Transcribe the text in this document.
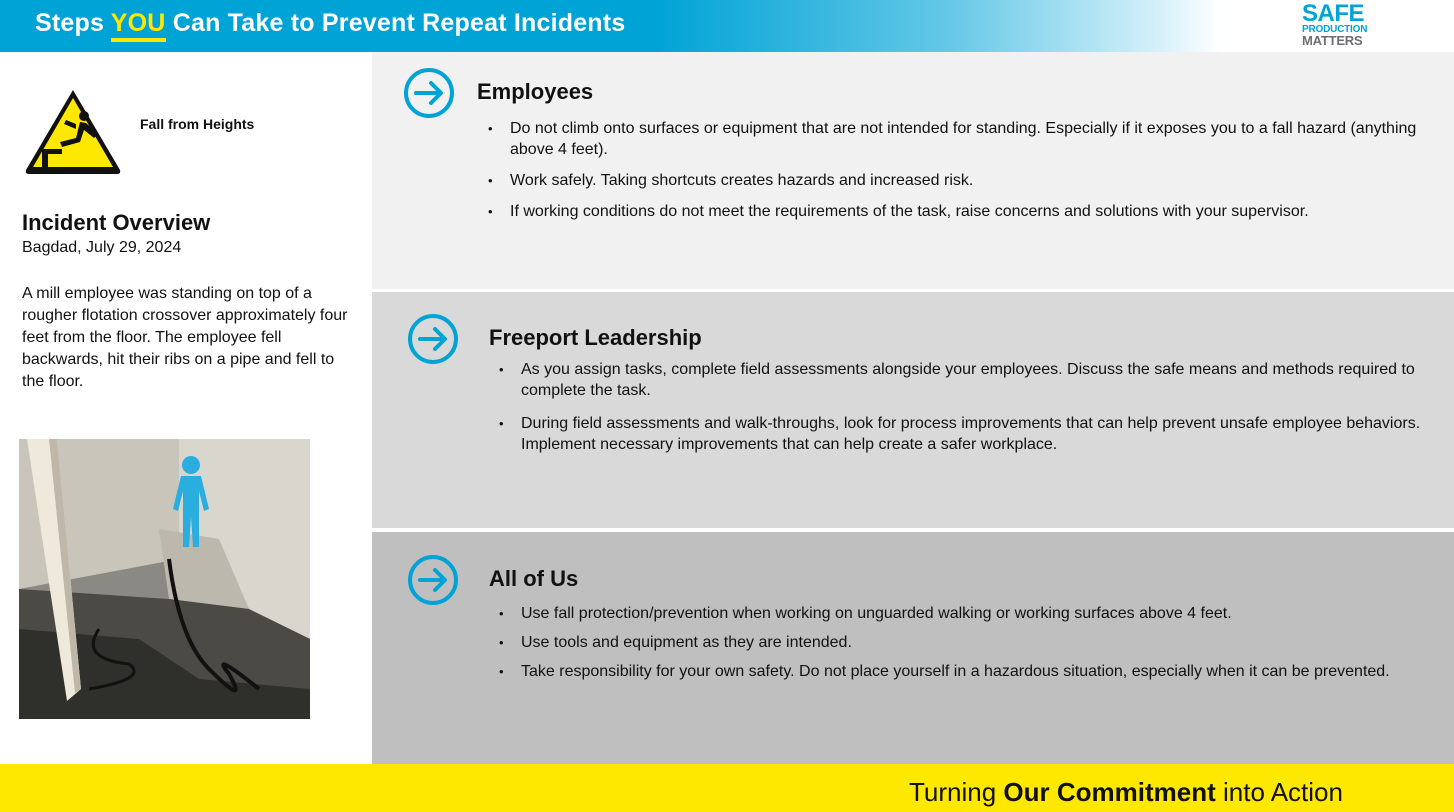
Steps YOU Can Take to Prevent Repeat Incidents	SAFE
PRODUCTION
MATTERS
Fall from Heights
Incident Overview
Bagdad, July 29, 2024
A mill employee was standing on top of a rougher flotation crossover approximately four feet from the floor. The employee fell backwards, hit their ribs on a pipe and fell to the floor.
Employees
• Do not climb onto surfaces or equipment that are not intended for standing. Especially if it exposes you to a fall hazard (anything above 4 feet).
• Work safely. Taking shortcuts creates hazards and increased risk.
• If working conditions do not meet the requirements of the task, raise concerns and solutions with your supervisor.
Freeport Leadership
• As you assign tasks, complete field assessments alongside your employees. Discuss the safe means and methods required to complete the task.
• During field assessments and walk-throughs, look for process improvements that can help prevent unsafe employee behaviors. Implement necessary improvements that can help create a safer workplace.
All of Us
• Use fall protection/prevention when working on unguarded walking or working surfaces above 4 feet.
• Use tools and equipment as they are intended.
• Take responsibility for your own safety. Do not place yourself in a hazardous situation, especially when it can be prevented.
Turning Our Commitment into Action
